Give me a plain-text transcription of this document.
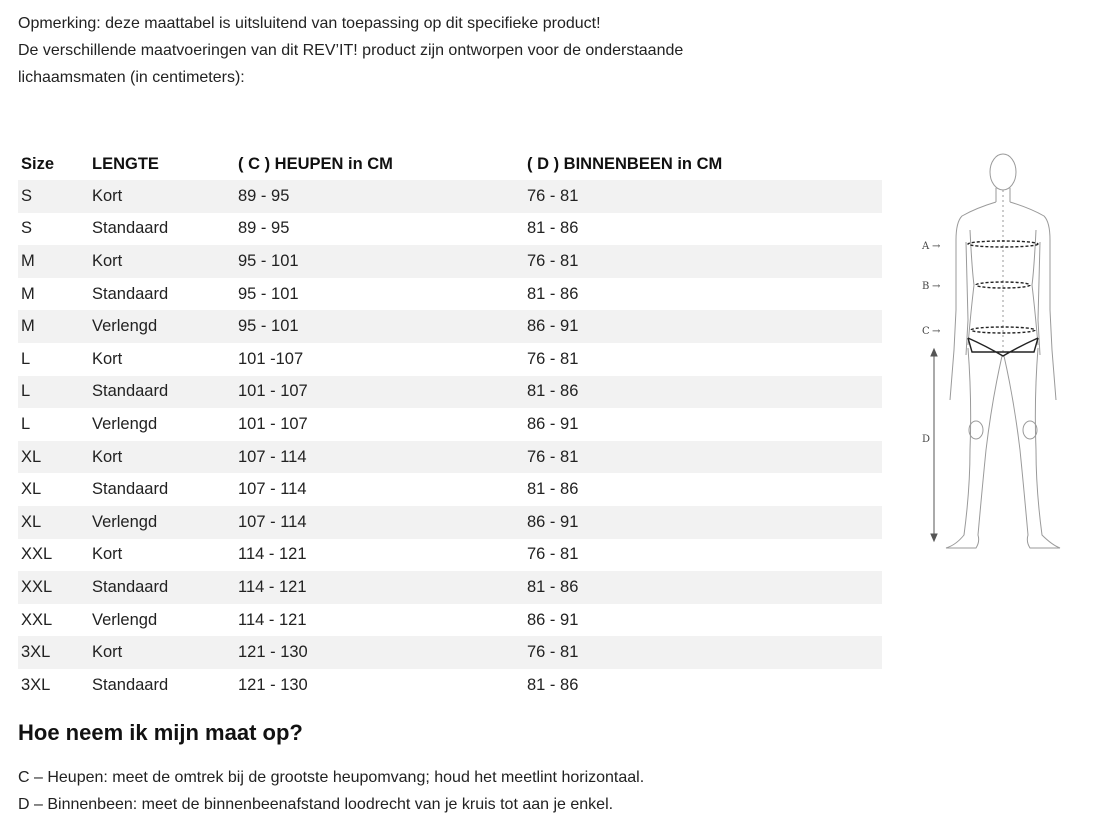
Opmerking: deze maattabel is uitsluitend van toepassing op dit specifieke product!

De verschillende maatvoeringen van dit REV’IT! product zijn ontworpen voor de onderstaande

lichaamsmaten (in centimeters):

Size	LENGTE	( C ) HEUPEN in CM	( D ) BINNENBEEN in CM
S	Kort	89 - 95	76 - 81
S	Standaard	89 - 95	81 - 86
M	Kort	95 - 101	76 - 81
M	Standaard	95 - 101	81 - 86
M	Verlengd	95 - 101	86 - 91
L	Kort	101 -107	76 - 81
L	Standaard	101 - 107	81 - 86
L	Verlengd	101 - 107	86 - 91
XL	Kort	107 - 114	76 - 81
XL	Standaard	107 - 114	81 - 86
XL	Verlengd	107 - 114	86 - 91
XXL	Kort	114 - 121	76 - 81
XXL	Standaard	114 - 121	81 - 86
XXL	Verlengd	114 - 121	86 - 91
3XL	Kort	121 - 130	76 - 81
3XL	Standaard	121 - 130	81 - 86
A →
B →
C →
D
Hoe neem ik mijn maat op?

C – Heupen: meet de omtrek bij de grootste heupomvang; houd het meetlint horizontaal.

D – Binnenbeen: meet de binnenbeenafstand loodrecht van je kruis tot aan je enkel.
